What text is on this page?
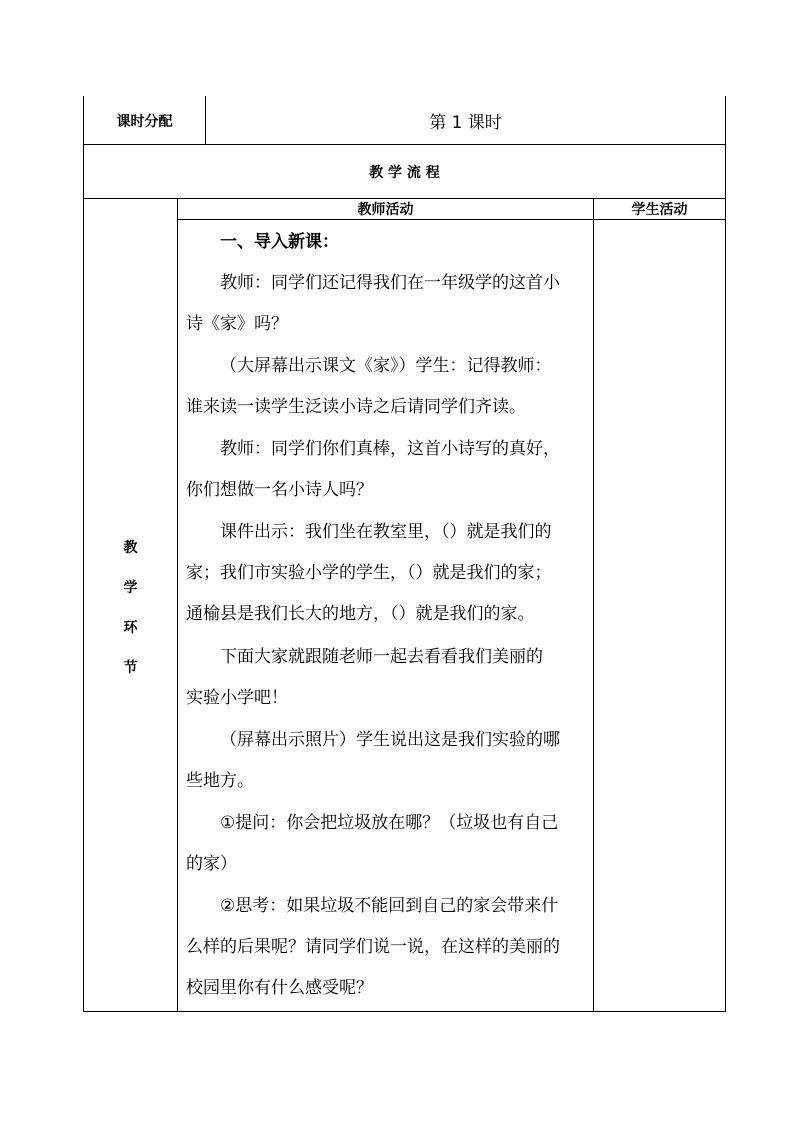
课时分配	第 1 课时
教 学 流 程
教师活动	学生活动
教
学
环
节
一、导入新课：
教师：同学们还记得我们在一年级学的这首小
诗《家》吗？
（大屏幕出示课文《家》）学生：记得教师：
谁来读一读学生泛读小诗之后请同学们齐读。
教师：同学们你们真棒，这首小诗写的真好，
你们想做一名小诗人吗？
课件出示：我们坐在教室里，（）就是我们的
家；我们市实验小学的学生，（）就是我们的家；
通榆县是我们长大的地方，（）就是我们的家。
下面大家就跟随老师一起去看看我们美丽的
实验小学吧！
（屏幕出示照片）学生说出这是我们实验的哪
些地方。
①提问：你会把垃圾放在哪？（垃圾也有自己
的家）
②思考：如果垃圾不能回到自己的家会带来什
么样的后果呢？请同学们说一说，在这样的美丽的
校园里你有什么感受呢？
